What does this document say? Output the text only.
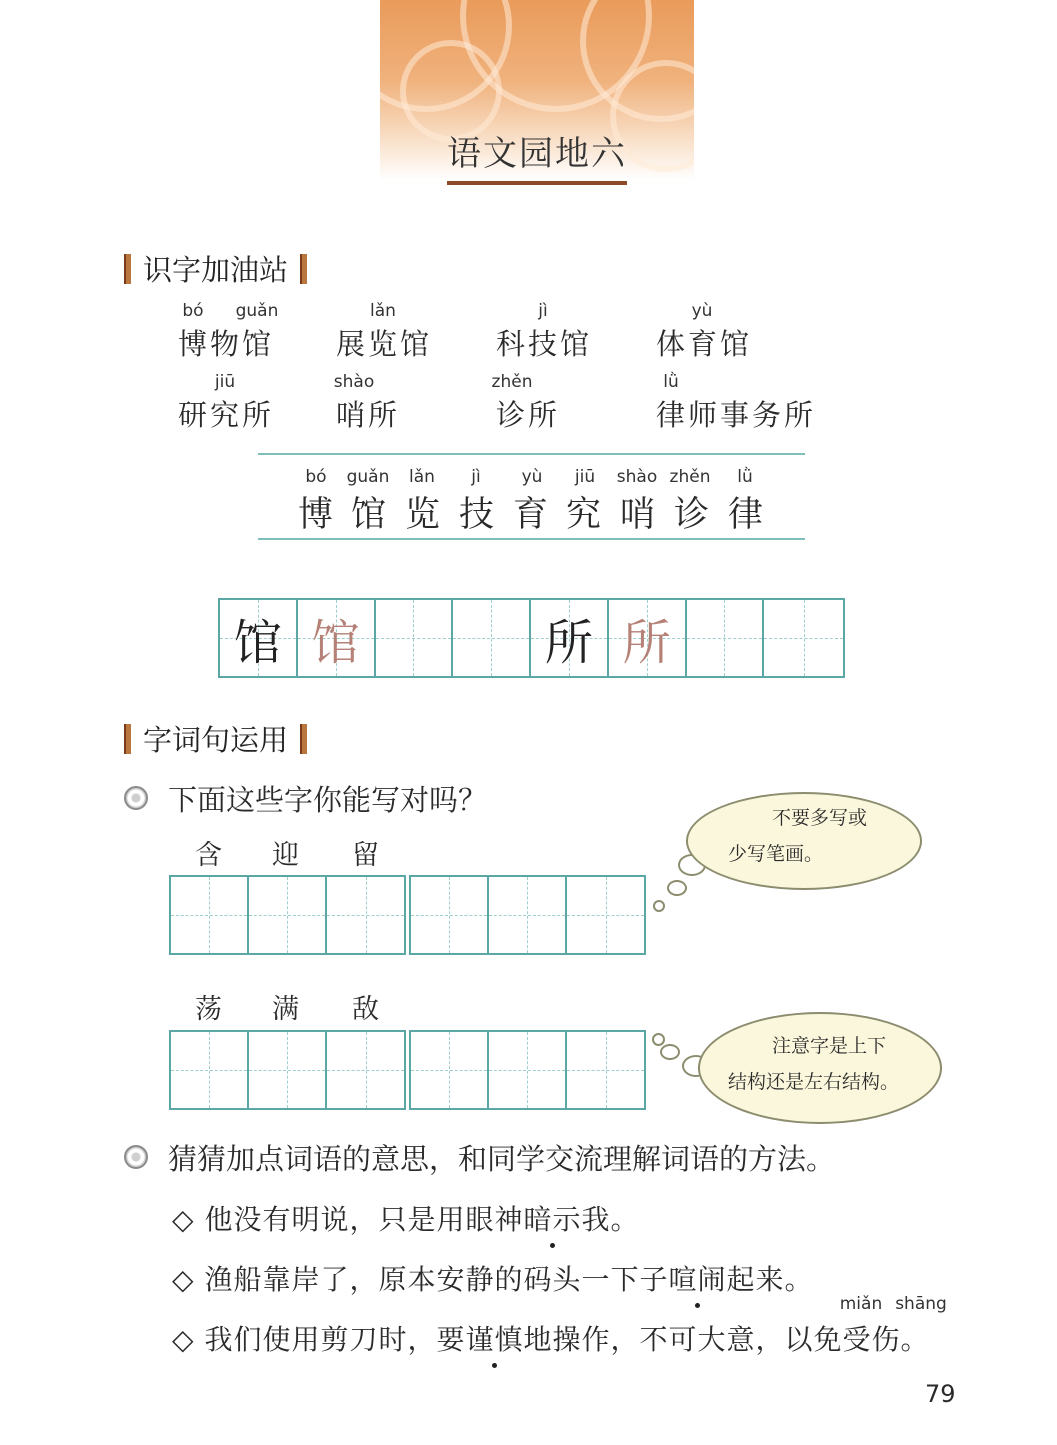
语文园地六
识字加油站
bó	guǎn
博物馆
lǎn
展览馆
jì
科技馆
yù
体育馆
jiū
研究所
shào
哨所
zhěn
诊所
lǜ
律师事务所
bó
博
guǎn
馆
lǎn
览
jì
技
yù
育
jiū
究
shào
哨
zhěn
诊
lǜ
律
馆 馆	所 所
字词句运用
下面这些字你能写对吗？
含 迎 留
不要多写或
少写笔画。
荡 满 敌
注意字是上下
结构还是左右结构。
猜猜加点词语的意思，和同学交流理解词语的方法。
◇ 他没有明说，只是用眼神暗示我。
◇ 渔船靠岸了，原本安静的码头一下子喧闹起来。
miǎn shāng
◇ 我们使用剪刀时，要谨慎地操作，不可大意，以免受伤。
79
